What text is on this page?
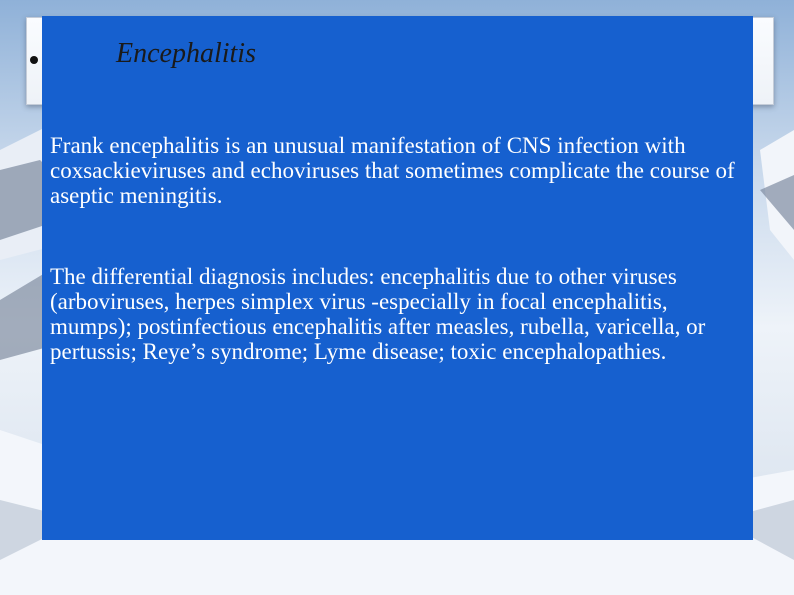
Frank encephalitis is an unusual manifestation of CNS infection with coxsackieviruses and echoviruses that sometimes complicate the course of aseptic meningitis.

The differential diagnosis includes: encephalitis due to other viruses (arboviruses, herpes simplex virus -especially in focal encephalitis, mumps); postinfectious encephalitis after measles, rubella, varicella, or pertussis; Reye’s syndrome; Lyme disease; toxic encephalopathies.

Encephalitis
